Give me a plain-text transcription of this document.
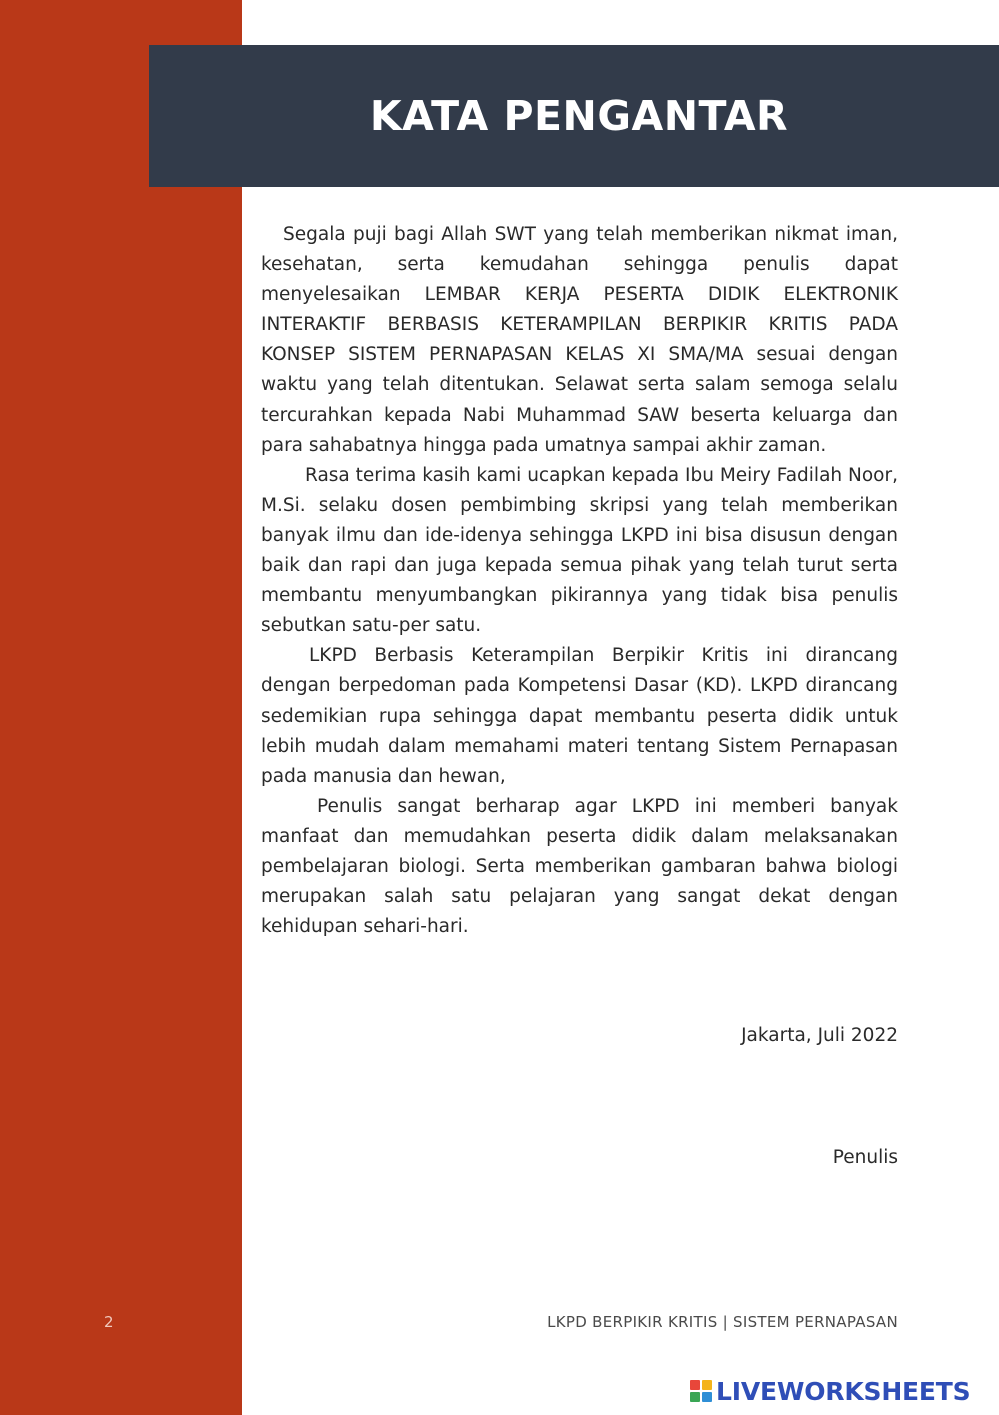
KATA PENGANTAR

Segala puji bagi Allah SWT yang telah memberikan nikmat iman, kesehatan, serta kemudahan sehingga penulis dapat menyelesaikan LEMBAR KERJA PESERTA DIDIK ELEKTRONIK INTERAKTIF BERBASIS KETERAMPILAN BERPIKIR KRITIS PADA KONSEP SISTEM PERNAPASAN KELAS XI SMA/MA sesuai dengan waktu yang telah ditentukan. Selawat serta salam semoga selalu tercurahkan kepada Nabi Muhammad SAW beserta keluarga dan para sahabatnya hingga pada umatnya sampai akhir zaman.

Rasa terima kasih kami ucapkan kepada Ibu Meiry Fadilah Noor, M.Si. selaku dosen pembimbing skripsi yang telah memberikan banyak ilmu dan ide-idenya sehingga LKPD ini bisa disusun dengan baik dan rapi dan juga kepada semua pihak yang telah turut serta membantu menyumbangkan pikirannya yang tidak bisa penulis sebutkan satu-per satu.

LKPD Berbasis Keterampilan Berpikir Kritis ini dirancang dengan berpedoman pada Kompetensi Dasar (KD). LKPD dirancang sedemikian rupa sehingga dapat membantu peserta didik untuk lebih mudah dalam memahami materi tentang Sistem Pernapasan pada manusia dan hewan,

Penulis sangat berharap agar LKPD ini memberi banyak manfaat dan memudahkan peserta didik dalam melaksanakan pembelajaran biologi. Serta memberikan gambaran bahwa biologi merupakan salah satu pelajaran yang sangat dekat dengan kehidupan sehari-hari.

Jakarta, Juli 2022
Penulis
2	LKPD BERPIKIR KRITIS | SISTEM PERNAPASAN
LIVEWORKSHEETS
